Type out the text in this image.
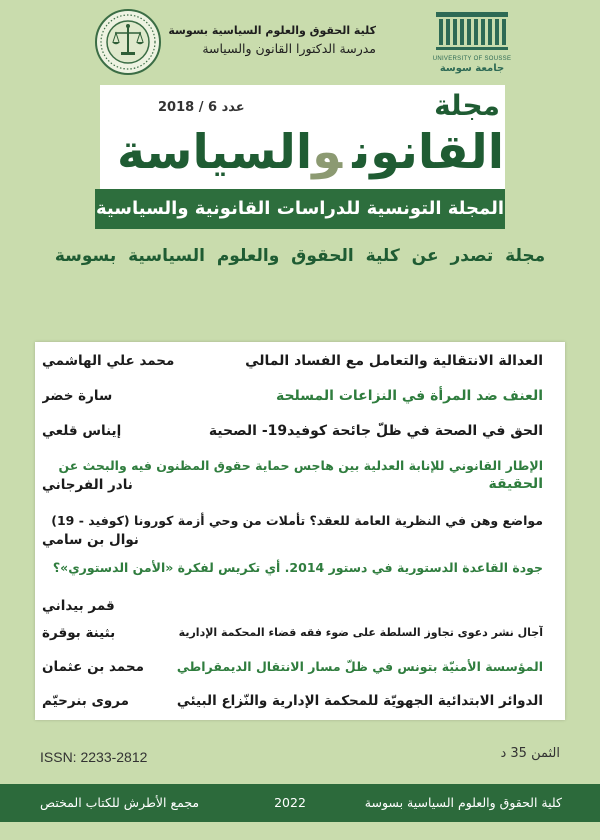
كلية الحقوق والعلوم السياسية بسوسة
مدرسة الدكتورا القانون والسياسة
UNIVERSITY OF SOUSSE
جامعة سوسة
مجلة
عدد 6 / 2018
القانونوالسياسة
المجلة التونسية للدراسات القانونية والسياسية
مجلة تصدر عن كلية الحقوق والعلوم السياسية بسوسة
العدالة الانتقالية والتعامل مع الفساد المالي
محمد علي الهاشمي
العنف ضد المرأة في النزاعات المسلحة
سارة خضر
الحق في الصحة في ظلّ جائحة كوفيد19- الصحية
إيناس قلعي
الإطار القانوني للإنابة العدلية بين هاجس حماية حقوق المظنون فيه والبحث عن
الحقيقة
نادر الفرجاني
مواضع وهن في النظرية العامة للعقد؟ تأملات من وحي أزمة كورونا (كوفيد - 19)
نوال بن سامي
جودة القاعدة الدستورية في دستور 2014. أي تكريس لفكرة «الأمن الدستوري»؟
قمر بيداني
آجال نشر دعوى تجاوز السلطة على ضوء فقه قضاء المحكمة الإدارية
بثينة بوقرة
المؤسسة الأمنيّة بتونس في ظلّ مسار الانتقال الديمقراطي
محمد بن عثمان
الدوائر الابتدائية الجهويّة للمحكمة الإدارية والنّزاع البيئي
مروى بنرحيّم
ISSN: 2233-2812	الثمن 35 د
كلية الحقوق والعلوم السياسية بسوسة
2022
مجمع الأطرش للكتاب المختص
